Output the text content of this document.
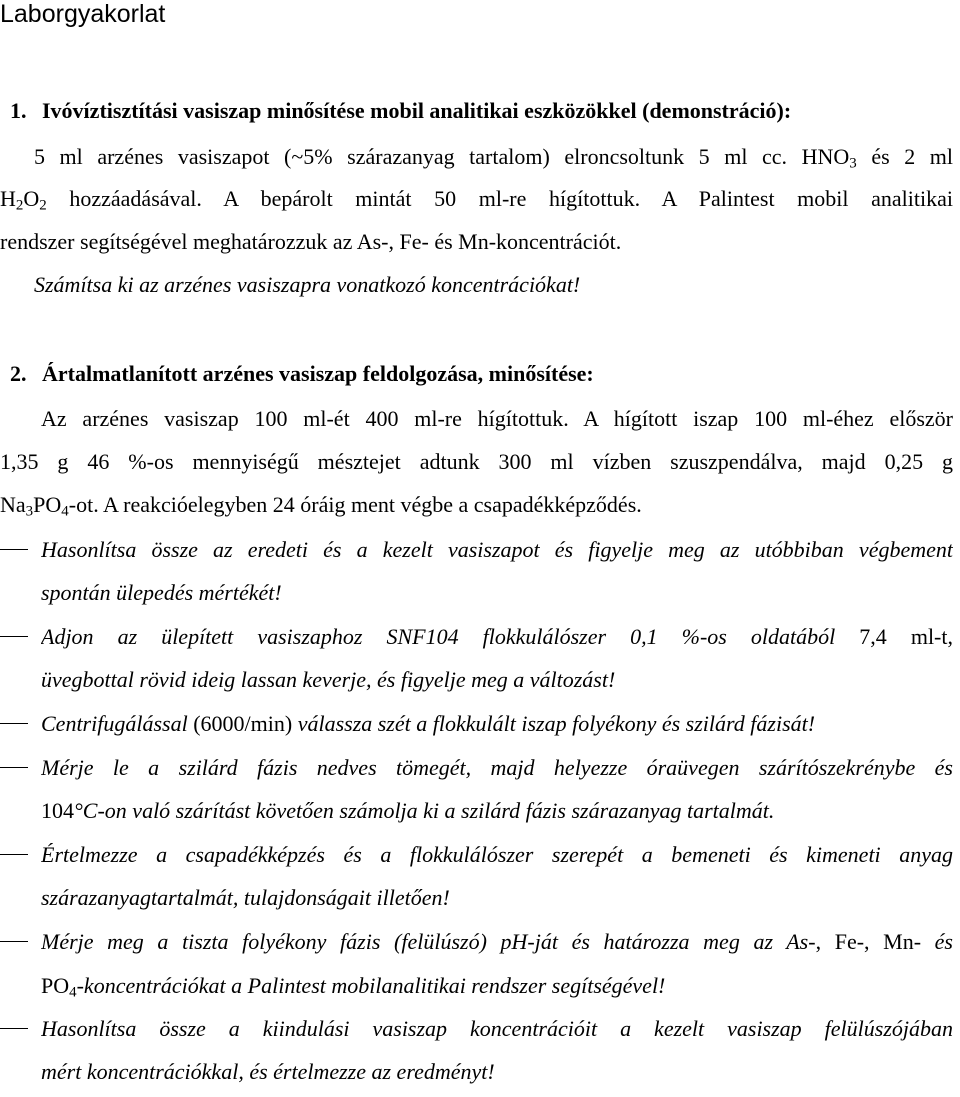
Laborgyakorlat
1. Ivóvíztisztítási vasiszap minősítése mobil analitikai eszközökkel (demonstráció):
5 ml arzénes vasiszapot (~5% szárazanyag tartalom) elroncsoltunk 5 ml cc. $HNO_3$ és 2 ml
$H_2O_2$ hozzáadásával. A bepárolt mintát 50 ml-re hígítottuk. A Palintest mobil analitikai
rendszer segítségével meghatározzuk az As-, Fe- és Mn-koncentrációt.
Számítsa ki az arzénes vasiszapra vonatkozó koncentrációkat!
2. Ártalmatlanított arzénes vasiszap feldolgozása, minősítése:
Az arzénes vasiszap 100 ml-ét 400 ml-re hígítottuk. A hígított iszap 100 ml-éhez először
1,35 g 46 %-os mennyiségű mésztejet adtunk 300 ml vízben szuszpendálva, majd 0,25 g
$Na_3PO_4-ot$. A reakcióelegyben 24 óráig ment végbe a csapadékképződés.
Hasonlítsa össze az eredeti és a kezelt vasiszapot és figyelje meg az utóbbiban végbement
spontán ülepedés mértékét!
Adjon az ülepített vasiszaphoz SNF104 flokkulálószer 0,1 %-os oldatából 7,4 ml-t,
üvegbottal rövid ideig lassan keverje, és figyelje meg a változást!
Centrifugálással (6000/min) válassza szét a flokkulált iszap folyékony és szilárd fázisát!
Mérje le a szilárd fázis nedves tömegét, majd helyezze óraüvegen szárítószekrénybe és
104°C-on való szárítást követően számolja ki a szilárd fázis szárazanyag tartalmát.
Értelmezze a csapadékképzés és a flokkulálószer szerepét a bemeneti és kimeneti anyag
szárazanyagtartalmát, tulajdonságait illetően!
Mérje meg a tiszta folyékony fázis (felülúszó) pH-ját és határozza meg az As-, Fe-, Mn- és
$PO_4$-koncentrációkat a Palintest mobilanalitikai rendszer segítségével!
Hasonlítsa össze a kiindulási vasiszap koncentrációit a kezelt vasiszap felülúszójában
mért koncentrációkkal, és értelmezze az eredményt!
